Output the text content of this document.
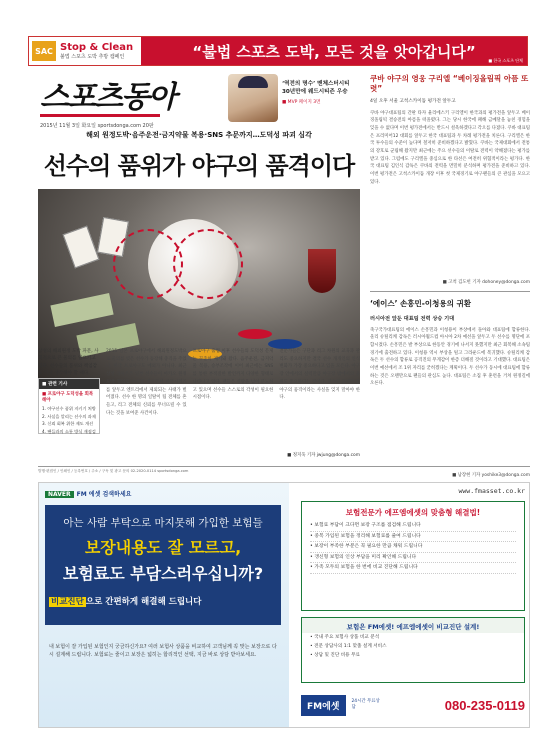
SAC Stop & Clean
불법 스포츠 도박 추방 캠페인	“불법 스포츠 도박, 모든 것을 앗아갑니다”	■ 한국 스포츠 단체
스포츠동아
2015년 11월 3일 화요일 sportsdonga.com 20판
‘역전의 명수’ 맨체스터시티
30년만에 웨드시티즌 우승
■ MVP 페이지 3면
해외 원정도박·음주운전·금지약물 복용·SNS 추문까지…도덕성 파괴 심각
선수의 품위가 야구의 품격이다
삼성의 해외원정 도박 파문, 사회적으로 큰 물의를 일으키고 있다. 선수들의 품위와 책임감을 다시 생각해야 할 때다.
■ 관련 기사
■ 프로야구 도덕성을 회복해야
1. 야구선수 품위 지키기 처방
2. 사실을 알리는 선수의 과제
3. 신뢰 회복 위한 제도 개선
4. 팬들과의 소통 방식 재점검
2015 일본 프로야구에서 해외원정도박으로 물의를 빚은 선수가 등장해 충격을 주었다. 한국 프로야구도 예외가 아니다. 최근 삼성 라이온즈 일부 선수들이 마카오 원정 도박 혐의로 수사를 받으면서 한국시리즈를 앞두고 엔트리에서 제외되는 사태가 벌어졌다. 선수 한 명의 일탈이 팀 전체를 흔들고, 리그 전체의 신뢰를 무너뜨릴 수 있다는 것을 보여준 사건이다.
프로야구 출범 이후 선수들의 도덕성 문제는 꾸준히 제기돼 왔다. 음주운전, 금지약물 복용, 승부조작에 이어 최근에는 SNS를 통한 부적절한 발언까지 다양한 형태로 나타나고 있다. 팬들은 실망을 넘어 분노하고 있으며 선수들 스스로의 각성이 필요한 시점이다.
전문가들은 구단과 리그 차원의 교육과 관리도 중요하지만 결국 선수 개개인의 인식 변화가 가장 중요하다고 입을 모은다. 야구장 안에서의 실력만큼 야구장 밖에서의 품위도 중요하다는 것이다. 선수의 품위가 곧 야구의 품격이라는 사실을 잊지 말아야 한다.
■ 정지욱 기자 jwjung@donga.com
쿠바 야구의 영웅 구리엘 “베이징올림픽 아픔 또렷”
4일 오후 서울 고척스카이돔 평가전 앞두고
쿠바 야구대표팀의 간판 타자 율리에스키 구리엘이 한국과의 평가전을 앞두고 베이징올림픽 결승전의 아픔을 떠올렸다. 그는 당시 한국에 패해 금메달을 놓친 경험을 잊을 수 없다며 이번 평가전에서는 반드시 설욕하겠다고 각오를 다졌다. 쿠바 대표팀은 프리미어12 대회를 앞두고 한국 대표팀과 두 차례 평가전을 치른다. 구리엘은 한국 투수들의 수준이 높다며 철저히 준비하겠다고 밝혔다. 쿠바는 국제대회에서 전통의 강호로 군림해 왔지만 최근에는 주요 선수들의 이탈로 전력이 약해졌다는 평가를 받고 있다. 그럼에도 구리엘을 중심으로 한 타선은 여전히 위협적이라는 평가다. 한국 대표팀 김인식 감독은 쿠바의 전력을 면밀히 분석하며 평가전을 준비하고 있다. 이번 평가전은 고척스카이돔 개장 이후 첫 국제경기로 야구팬들의 큰 관심을 모으고 있다.
■ 고척 김도헌 기자 dohoney@donga.com
‘에이스’ 손흥민-이청용의 귀환
러시아전 앞둔 대표팀 전력 상승 기대
축구국가대표팀의 에이스 손흥민과 이청용이 부상에서 돌아와 대표팀에 합류한다. 울리 슈틸리케 감독은 러시아월드컵 아시아 2차 예선을 앞두고 두 선수를 명단에 포함시켰다. 손흥민은 발 부상으로 한동안 경기에 나서지 못했지만 최근 회복해 소속팀 경기에 출전하고 있다. 이청용 역시 부상을 털고 그라운드에 복귀했다. 슈틸리케 감독은 두 선수의 합류로 공격진의 무게감이 한층 더해질 것이라고 기대했다. 대표팀은 이번 예선에서 조 1위 자리를 굳히겠다는 계획이다. 두 선수가 동시에 대표팀에 합류하는 것은 오랜만으로 팬들의 관심도 높다. 대표팀은 소집 후 훈련을 거쳐 원정길에 오른다.
■ 남장현 기자 yoshike3@donga.com
발행·편집인 / 인쇄인 / 등록번호 / 주소 / 구독 및 광고 문의 02-2020-0114 sportsdonga.com
NAVER FM 에셋 검색하세요
아는 사람 부탁으로 마지못해 가입한 보험들
보장내용도 잘 모르고,
보험료도 부담스러우십니까?
비교진단 으로 간편하게 해결해 드립니다
내 보험이 잘 가입된 보험인지 궁금하신가요? 여러 보험사 상품을 비교하여 고객님께 꼭 맞는 보장으로 다시 설계해 드립니다. 보험료는 줄이고 보장은 넓히는 합리적인 선택, 지금 바로 상담 받아보세요.
www.fmasset.co.kr
보험전문가 에프엠에셋의 맞춤형 해결법!
• 보험료 부담이 크다면 보장 구조를 점검해 드립니다
• 중복 가입된 보험을 정리해 보험료를 줄여 드립니다
• 보장이 부족한 부분은 꼭 필요한 만큼 채워 드립니다
• 갱신형 보험의 인상 부담을 미리 확인해 드립니다
• 가족 모두의 보험을 한 번에 비교 진단해 드립니다
보험은 FM에셋! 에프엠에셋이 비교진단 설계!
• 국내 주요 보험사 상품 비교 분석
• 전문 상담사의 1:1 맞춤 설계 서비스
• 상담 및 진단 비용 무료
FM에셋
24시간 무료상담	080-235-0119
